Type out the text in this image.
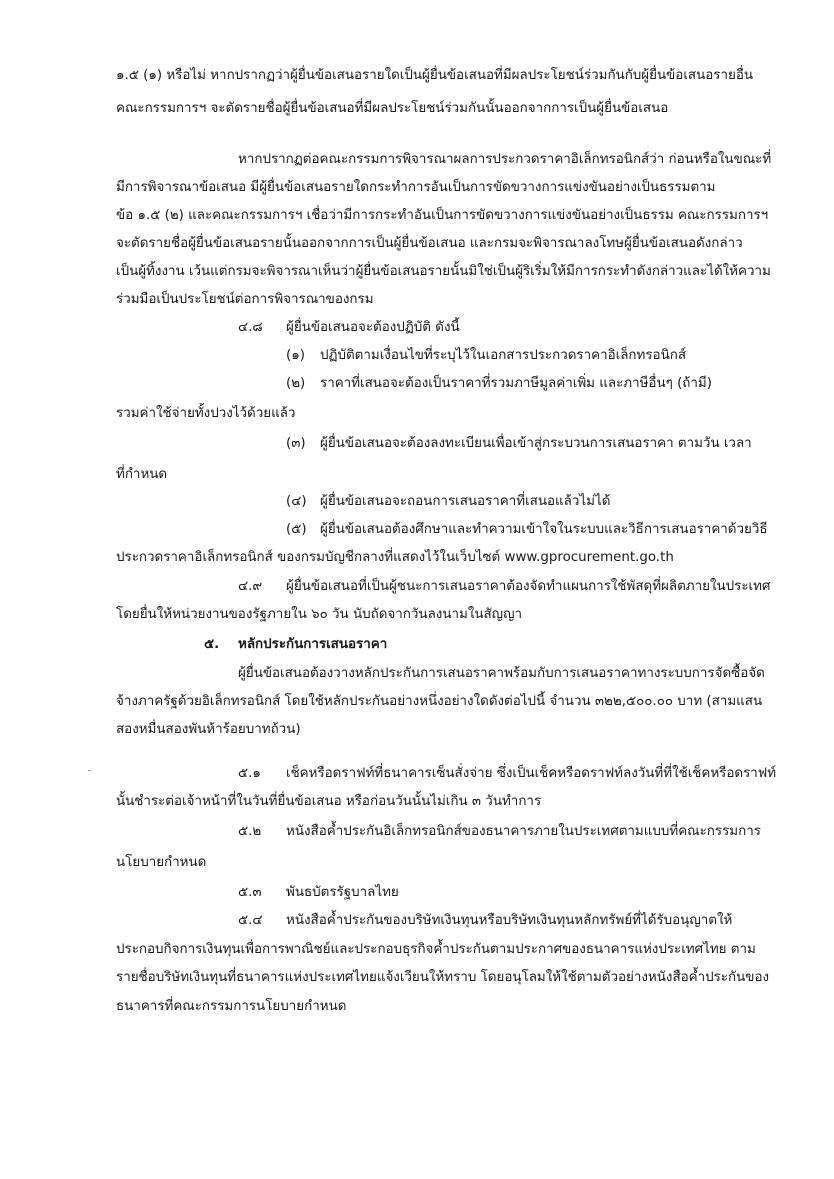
๑.๕ (๑) หรือไม่ หากปรากฏว่าผู้ยื่นข้อเสนอรายใดเป็นผู้ยื่นข้อเสนอที่มีผลประโยชน์ร่วมกันกับผู้ยื่นข้อเสนอรายอื่น
คณะกรรมการฯ จะตัดรายชื่อผู้ยื่นข้อเสนอที่มีผลประโยชน์ร่วมกันนั้นออกจากการเป็นผู้ยื่นข้อเสนอ
หากปรากฏต่อคณะกรรมการพิจารณาผลการประกวดราคาอิเล็กทรอนิกส์ว่า ก่อนหรือในขณะที่
มีการพิจารณาข้อเสนอ มีผู้ยื่นข้อเสนอรายใดกระทำการอันเป็นการขัดขวางการแข่งขันอย่างเป็นธรรมตาม
ข้อ ๑.๕ (๒) และคณะกรรมการฯ เชื่อว่ามีการกระทำอันเป็นการขัดขวางการแข่งขันอย่างเป็นธรรม คณะกรรมการฯ
จะตัดรายชื่อผู้ยื่นข้อเสนอรายนั้นออกจากการเป็นผู้ยื่นข้อเสนอ และกรมจะพิจารณาลงโทษผู้ยื่นข้อเสนอดังกล่าว
เป็นผู้ทิ้งงาน เว้นแต่กรมจะพิจารณาเห็นว่าผู้ยื่นข้อเสนอรายนั้นมิใช่เป็นผู้ริเริ่มให้มีการกระทำดังกล่าวและได้ให้ความ
ร่วมมือเป็นประโยชน์ต่อการพิจารณาของกรม
๔.๘ ผู้ยื่นข้อเสนอจะต้องปฏิบัติ ดังนี้
(๑) ปฏิบัติตามเงื่อนไขที่ระบุไว้ในเอกสารประกวดราคาอิเล็กทรอนิกส์
(๒) ราคาที่เสนอจะต้องเป็นราคาที่รวมภาษีมูลค่าเพิ่ม และภาษีอื่นๆ (ถ้ามี)
รวมค่าใช้จ่ายทั้งปวงไว้ด้วยแล้ว
(๓) ผู้ยื่นข้อเสนอจะต้องลงทะเบียนเพื่อเข้าสู่กระบวนการเสนอราคา ตามวัน เวลา
ที่กำหนด
(๔) ผู้ยื่นข้อเสนอจะถอนการเสนอราคาที่เสนอแล้วไม่ได้
(๕) ผู้ยื่นข้อเสนอต้องศึกษาและทำความเข้าใจในระบบและวิธีการเสนอราคาด้วยวิธี
ประกวดราคาอิเล็กทรอนิกส์ ของกรมบัญชีกลางที่แสดงไว้ในเว็บไซต์ www.gprocurement.go.th
๔.๙ ผู้ยื่นข้อเสนอที่เป็นผู้ชนะการเสนอราคาต้องจัดทำแผนการใช้พัสดุที่ผลิตภายในประเทศ
โดยยื่นให้หน่วยงานของรัฐภายใน ๖๐ วัน นับถัดจากวันลงนามในสัญญา
๕. หลักประกันการเสนอราคา
ผู้ยื่นข้อเสนอต้องวางหลักประกันการเสนอราคาพร้อมกับการเสนอราคาทางระบบการจัดซื้อจัด
จ้างภาครัฐด้วยอิเล็กทรอนิกส์ โดยใช้หลักประกันอย่างหนึ่งอย่างใดดังต่อไปนี้ จำนวน ๓๒๒,๕๐๐.๐๐ บาท (สามแสน
สองหมื่นสองพันห้าร้อยบาทถ้วน)
๕.๑ เช็คหรือดราฟท์ที่ธนาคารเซ็นสั่งจ่าย ซึ่งเป็นเช็คหรือดราฟท์ลงวันที่ที่ใช้เช็คหรือดราฟท์
นั้นชำระต่อเจ้าหน้าที่ในวันที่ยื่นข้อเสนอ หรือก่อนวันนั้นไม่เกิน ๓ วันทำการ
๕.๒ หนังสือค้ำประกันอิเล็กทรอนิกส์ของธนาคารภายในประเทศตามแบบที่คณะกรรมการ
นโยบายกำหนด
๕.๓ พันธบัตรรัฐบาลไทย
๕.๔ หนังสือค้ำประกันของบริษัทเงินทุนหรือบริษัทเงินทุนหลักทรัพย์ที่ได้รับอนุญาตให้
ประกอบกิจการเงินทุนเพื่อการพาณิชย์และประกอบธุรกิจค้ำประกันตามประกาศของธนาคารแห่งประเทศไทย ตาม
รายชื่อบริษัทเงินทุนที่ธนาคารแห่งประเทศไทยแจ้งเวียนให้ทราบ โดยอนุโลมให้ใช้ตามตัวอย่างหนังสือค้ำประกันของ
ธนาคารที่คณะกรรมการนโยบายกำหนด
